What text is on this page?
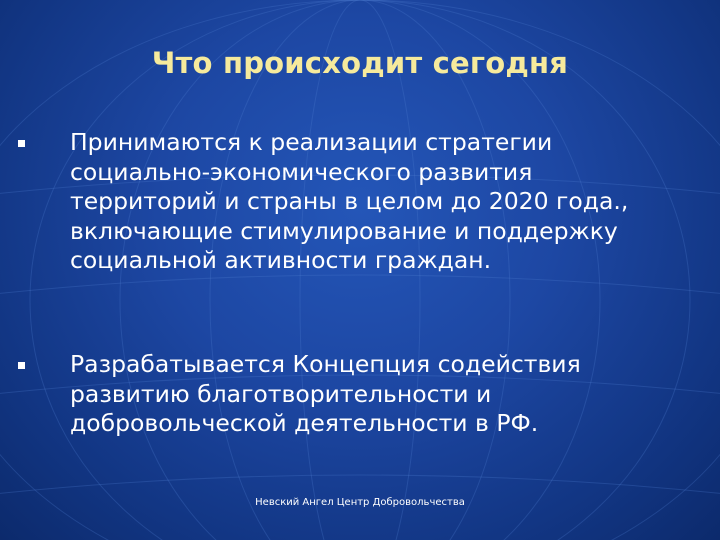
Что происходит сегодня
Принимаются к реализации стратегии социально-экономического развития территорий и страны в целом до 2020 года., включающие стимулирование и поддержку социальной активности граждан.
Разрабатывается Концепция содействия развитию благотворительности и добровольческой деятельности в РФ.
Невский Ангел Центр Добровольчества
